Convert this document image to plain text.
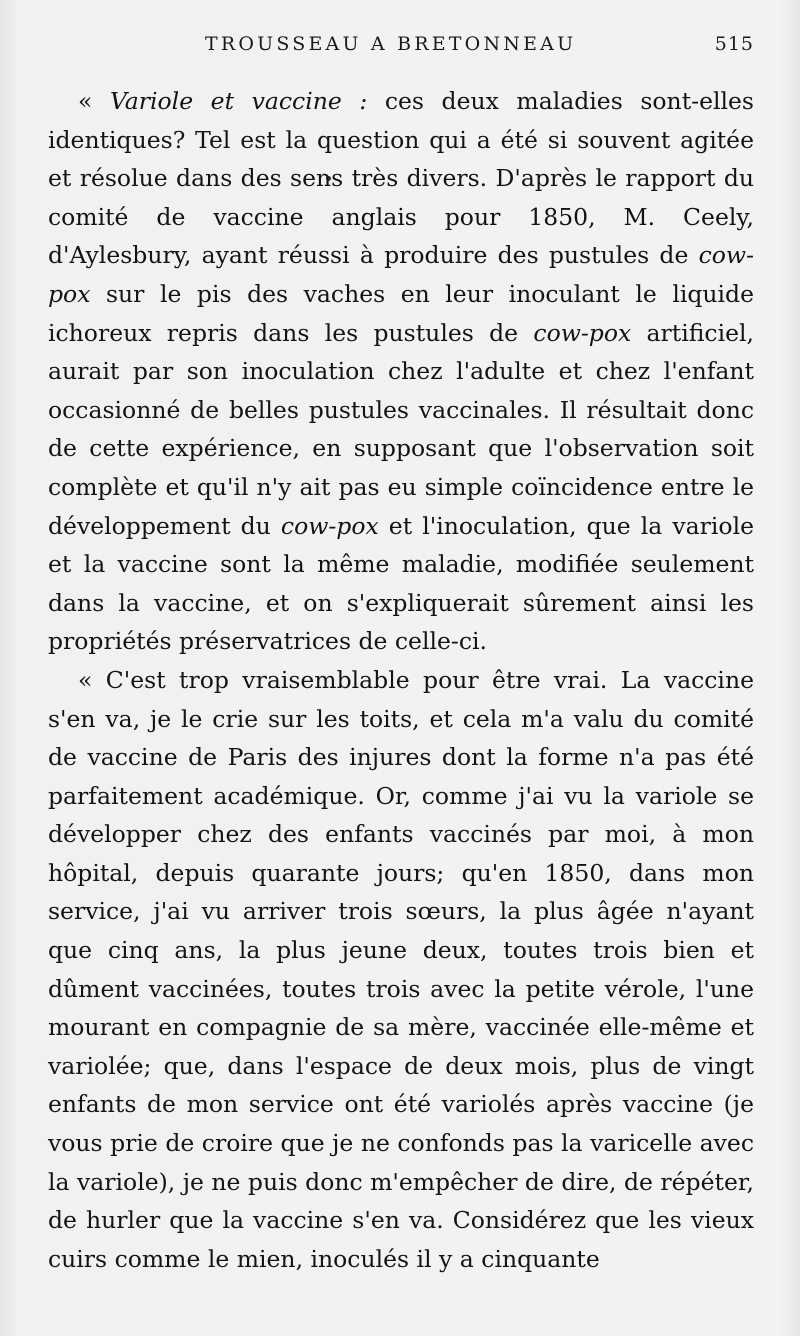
TROUSSEAU A BRETONNEAU	515

« Variole et vaccine : ces deux maladies sont-elles identiques? Tel est la question qui a été si souvent agitée et résolue dans des sens très divers. D'après le rapport du comité de vaccine anglais pour 1850, M. Ceely, d'Aylesbury, ayant réussi à produire des pustules de cow-pox sur le pis des vaches en leur inoculant le liquide ichoreux repris dans les pustules de cow-pox artificiel, aurait par son inoculation chez l'adulte et chez l'enfant occasionné de belles pustules vaccinales. Il résultait donc de cette expérience, en supposant que l'observation soit complète et qu'il n'y ait pas eu simple coïncidence entre le développement du cow-pox et l'inoculation, que la variole et la vaccine sont la même maladie, modifiée seulement dans la vaccine, et on s'expliquerait sûrement ainsi les propriétés préservatrices de celle-ci.

« C'est trop vraisemblable pour être vrai. La vaccine s'en va, je le crie sur les toits, et cela m'a valu du comité de vaccine de Paris des injures dont la forme n'a pas été parfaitement académique. Or, comme j'ai vu la variole se développer chez des enfants vaccinés par moi, à mon hôpital, depuis quarante jours; qu'en 1850, dans mon service, j'ai vu arriver trois sœurs, la plus âgée n'ayant que cinq ans, la plus jeune deux, toutes trois bien et dûment vaccinées, toutes trois avec la petite vérole, l'une mourant en compagnie de sa mère, vaccinée elle-même et variolée; que, dans l'espace de deux mois, plus de vingt enfants de mon service ont été variolés après vaccine (je vous prie de croire que je ne confonds pas la varicelle avec la variole), je ne puis donc m'empêcher de dire, de répéter, de hurler que la vaccine s'en va. Considérez que les vieux cuirs comme le mien, inoculés il y a cinquante
